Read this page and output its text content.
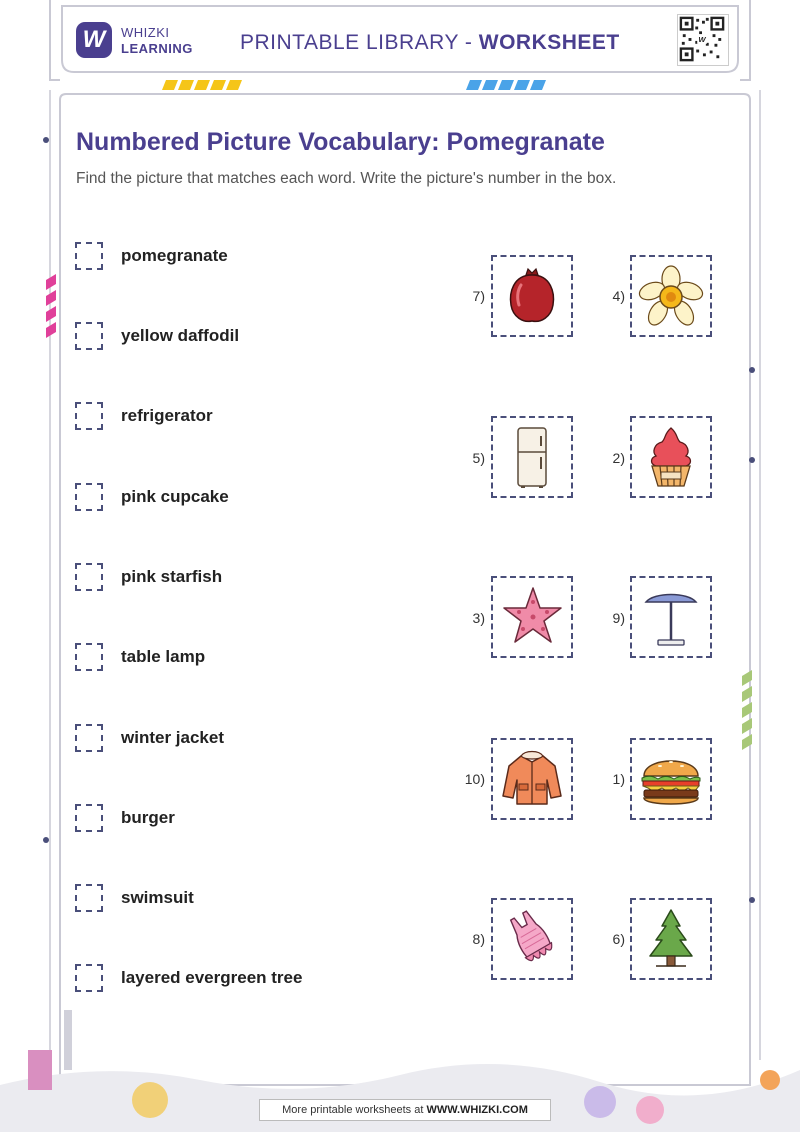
W WHIZKI
LEARNING PRINTABLE LIBRARY - WORKSHEET	W
Numbered Picture Vocabulary: Pomegranate
Find the picture that matches each word. Write the picture's number in the box.
pomegranate
yellow daffodil
refrigerator
pink cupcake
pink starfish
table lamp
winter jacket
burger
swimsuit
layered evergreen tree
7)	4)
5)	2)
3)	9)
10)	1)
8)	6)
More printable worksheets at WWW.WHIZKI.COM
